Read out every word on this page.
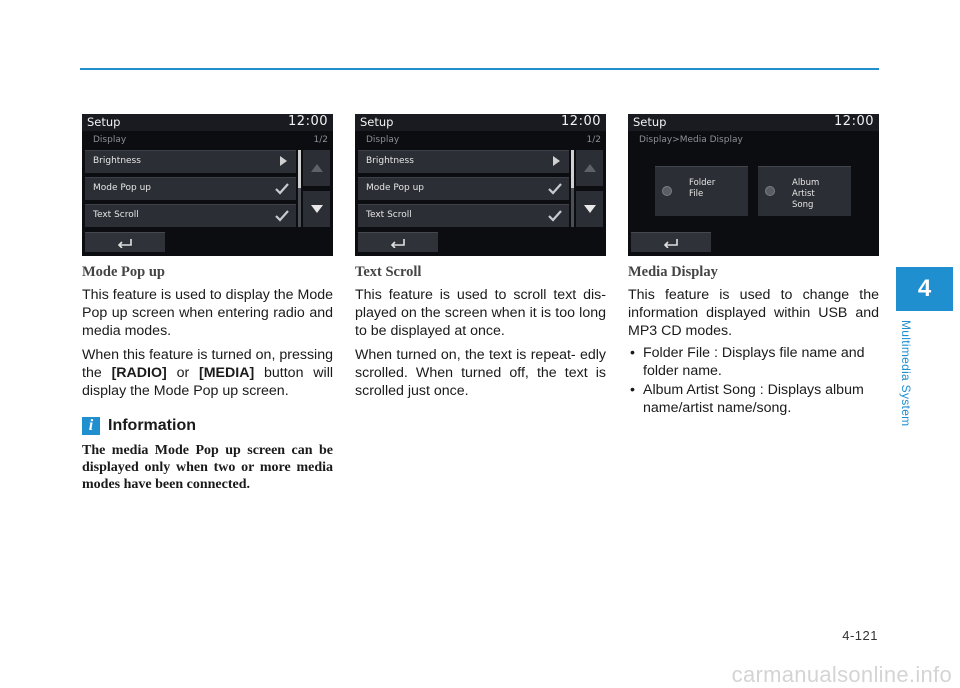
Setup	12:00
Display	1/2
Brightness
Mode Pop up
Text Scroll
Mode Pop up

This feature is used to display the Mode Pop up screen when entering radio and media modes.

When this feature is turned on, pressing the [RADIO] or [MEDIA] button will display the Mode Pop up screen.

i Information

The media Mode Pop up screen can be displayed only when two or more media modes have been connected.

Setup	12:00
Display	1/2
Brightness
Mode Pop up
Text Scroll
Text Scroll

This feature is used to scroll text dis- played on the screen when it is too long to be displayed at once.

When turned on, the text is repeat- edly scrolled. When turned off, the text is scrolled just once.

Setup	12:00
Display>Media Display
Folder
File
Album
Artist
Song
Media Display

This feature is used to change the information displayed within USB and MP3 CD modes.

• Folder File : Displays file name and folder name.
• Album Artist Song : Displays album name/artist name/song.
4
Multimedia System
4-121
carmanualsonline.info
